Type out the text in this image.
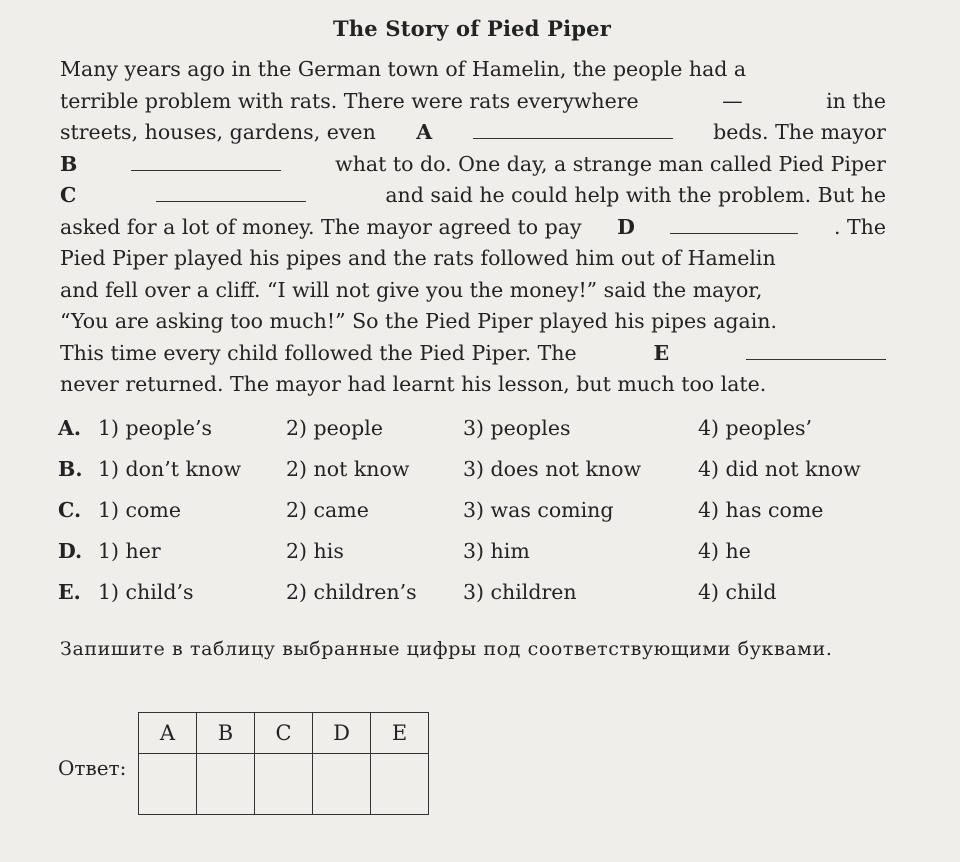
The Story of Pied Piper
Many years ago in the German town of Hamelin, the people had a
terrible problem with rats. There were rats everywhere	—	in the
streets, houses, gardens, even A	beds. The mayor
B	what to do. One day, a strange man called Pied Piper
C	and said he could help with the problem. But he
asked for a lot of money. The mayor agreed to pay D	. The
Pied Piper played his pipes and the rats followed him out of Hamelin
and fell over a cliff. “I will not give you the money!” said the mayor,
“You are asking too much!” So the Pied Piper played his pipes again.
This time every child followed the Pied Piper. The	E
never returned. The mayor had learnt his lesson, but much too late.
A. 1) people’s	2) people	3) peoples	4) peoples’
B. 1) don’t know 2) not know	3) does not know	4) did not know
C. 1) come	2) came	3) was coming	4) has come
D. 1) her	2) his	3) him	4) he
E. 1) child’s	2) children’s 3) children	4) child
Запишите в таблицу выбранные цифры под соответствующими буквами.
Ответ:
A	B	C	D	E
